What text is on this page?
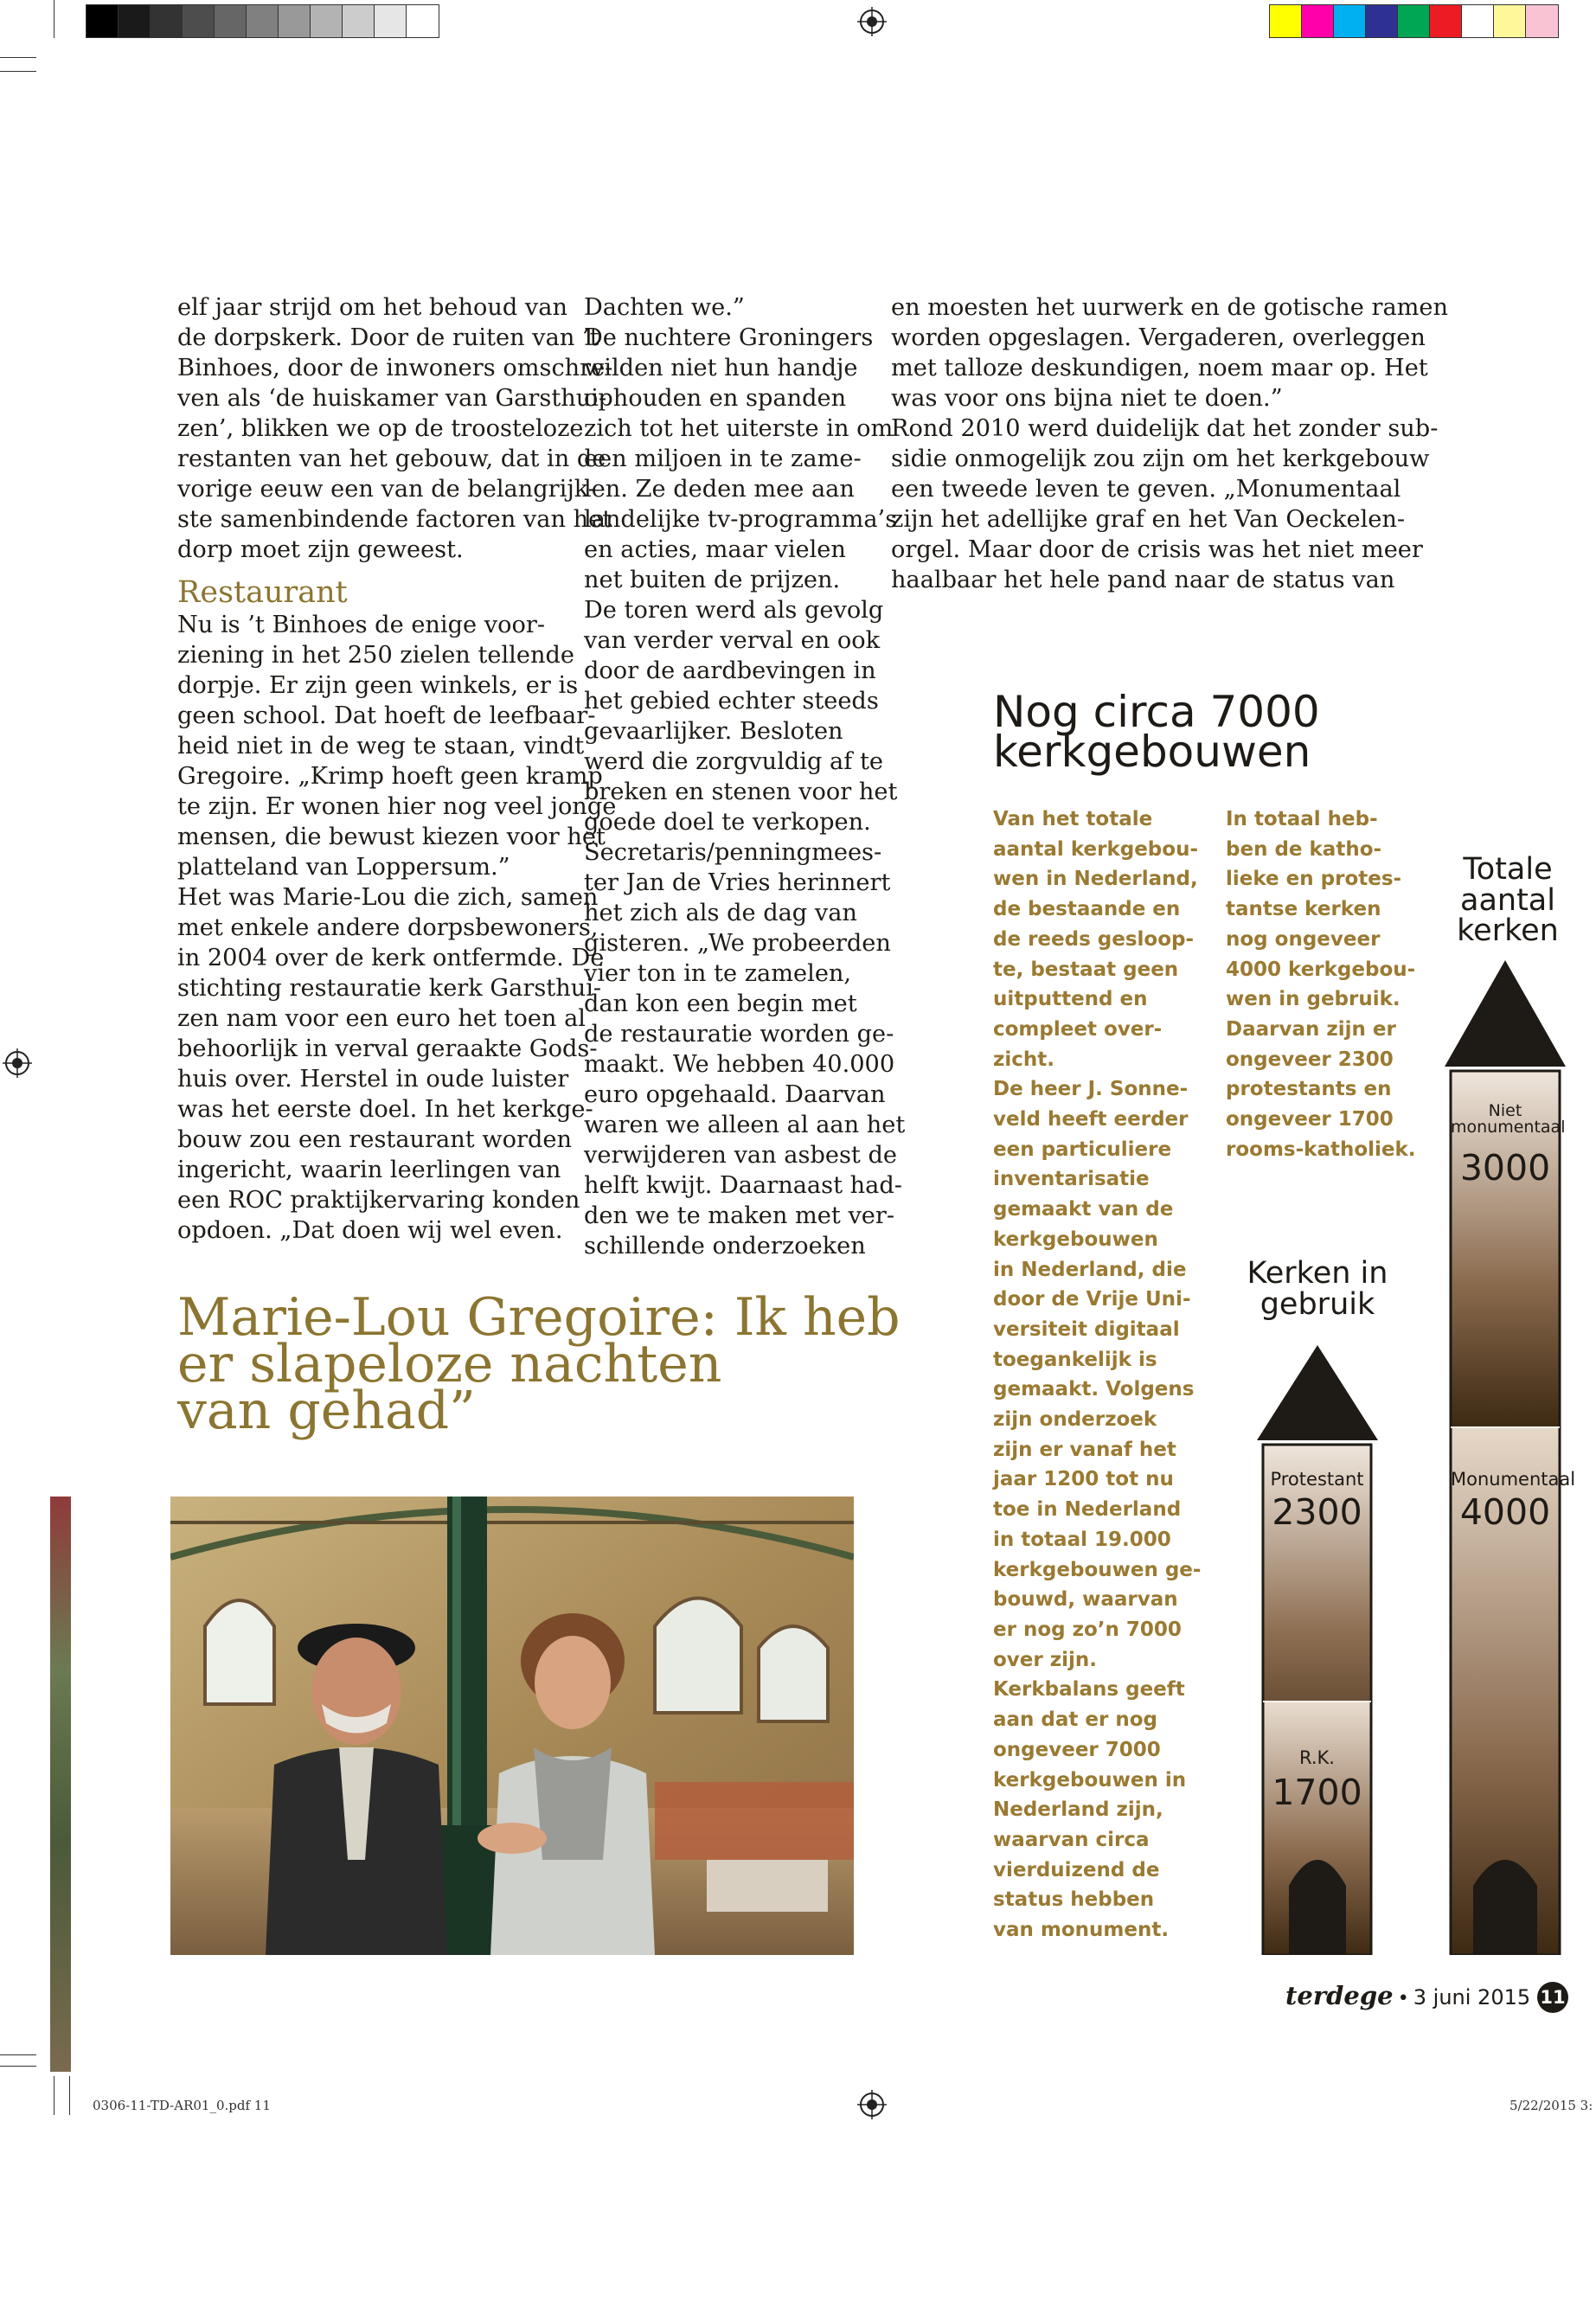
elf jaar strijd om het behoud van

de dorpskerk. Door de ruiten van ’t

Binhoes, door de inwoners omschre-

ven als ‘de huiskamer van Garsthui-

zen’, blikken we op de troosteloze

restanten van het gebouw, dat in de

vorige eeuw een van de belangrijk-

ste samenbindende factoren van het

dorp moet zijn geweest.

Restaurant

Nu is ’t Binhoes de enige voor-

ziening in het 250 zielen tellende

dorpje. Er zijn geen winkels, er is

geen school. Dat hoeft de leefbaar-

heid niet in de weg te staan, vindt

Gregoire. „Krimp hoeft geen kramp

te zijn. Er wonen hier nog veel jonge

mensen, die bewust kiezen voor het

platteland van Loppersum.”

Het was Marie-Lou die zich, samen

met enkele andere dorpsbewoners,

in 2004 over de kerk ontfermde. De

stichting restauratie kerk Garsthui-

zen nam voor een euro het toen al

behoorlijk in verval geraakte Gods-

huis over. Herstel in oude luister

was het eerste doel. In het kerkge-

bouw zou een restaurant worden

ingericht, waarin leerlingen van

een ROC praktijkervaring konden

opdoen. „Dat doen wij wel even.

Dachten we.”

De nuchtere Groningers

wilden niet hun handje

ophouden en spanden

zich tot het uiterste in om

een miljoen in te zame-

len. Ze deden mee aan

landelijke tv-programma’s

en acties, maar vielen

net buiten de prijzen.

De toren werd als gevolg

van verder verval en ook

door de aardbevingen in

het gebied echter steeds

gevaarlijker. Besloten

werd die zorgvuldig af te

breken en stenen voor het

goede doel te verkopen.

Secretaris/penningmees-

ter Jan de Vries herinnert

het zich als de dag van

gisteren. „We probeerden

vier ton in te zamelen,

dan kon een begin met

de restauratie worden ge-

maakt. We hebben 40.000

euro opgehaald. Daarvan

waren we alleen al aan het

verwijderen van asbest de

helft kwijt. Daarnaast had-

den we te maken met ver-

schillende onderzoeken

en moesten het uurwerk en de gotische ramen

worden opgeslagen. Vergaderen, overleggen

met talloze deskundigen, noem maar op. Het

was voor ons bijna niet te doen.”

Rond 2010 werd duidelijk dat het zonder sub-

sidie onmogelijk zou zijn om het kerkgebouw

een tweede leven te geven. „Monumentaal

zijn het adellijke graf en het Van Oeckelen-

orgel. Maar door de crisis was het niet meer

haalbaar het hele pand naar de status van

Marie-Lou Gregoire: Ik heb
er slapeloze nachten
van gehad”
Nog circa 7000
kerkgebouwen
Van het totale
aantal kerkgebou-
wen in Nederland,
de bestaande en
de reeds gesloop-
te, bestaat geen
uitputtend en
compleet over-
zicht.
De heer J. Sonne-
veld heeft eerder
een particuliere
inventarisatie
gemaakt van de
kerkgebouwen
in Nederland, die
door de Vrije Uni-
versiteit digitaal
toegankelijk is
gemaakt. Volgens
zijn onderzoek
zijn er vanaf het
jaar 1200 tot nu
toe in Nederland
in totaal 19.000
kerkgebouwen ge-
bouwd, waarvan
er nog zo’n 7000
over zijn.
Kerkbalans geeft
aan dat er nog
ongeveer 7000
kerkgebouwen in
Nederland zijn,
waarvan circa
vierduizend de
status hebben
van monument.
In totaal heb-
ben de katho-
lieke en protes-
tantse kerken
nog ongeveer
4000 kerkgebou-
wen in gebruik.
Daarvan zijn er
ongeveer 2300
protestants en
ongeveer 1700
rooms-katholiek.
Kerken in
gebruik
Totale
aantal
kerken
Protestant
2300
R.K.
1700
Niet
monumentaal
3000
Monumentaal
4000
terdege • 3 juni 2015 11
0306-11-TD-AR01_0.pdf 11	5/22/2015 3:
